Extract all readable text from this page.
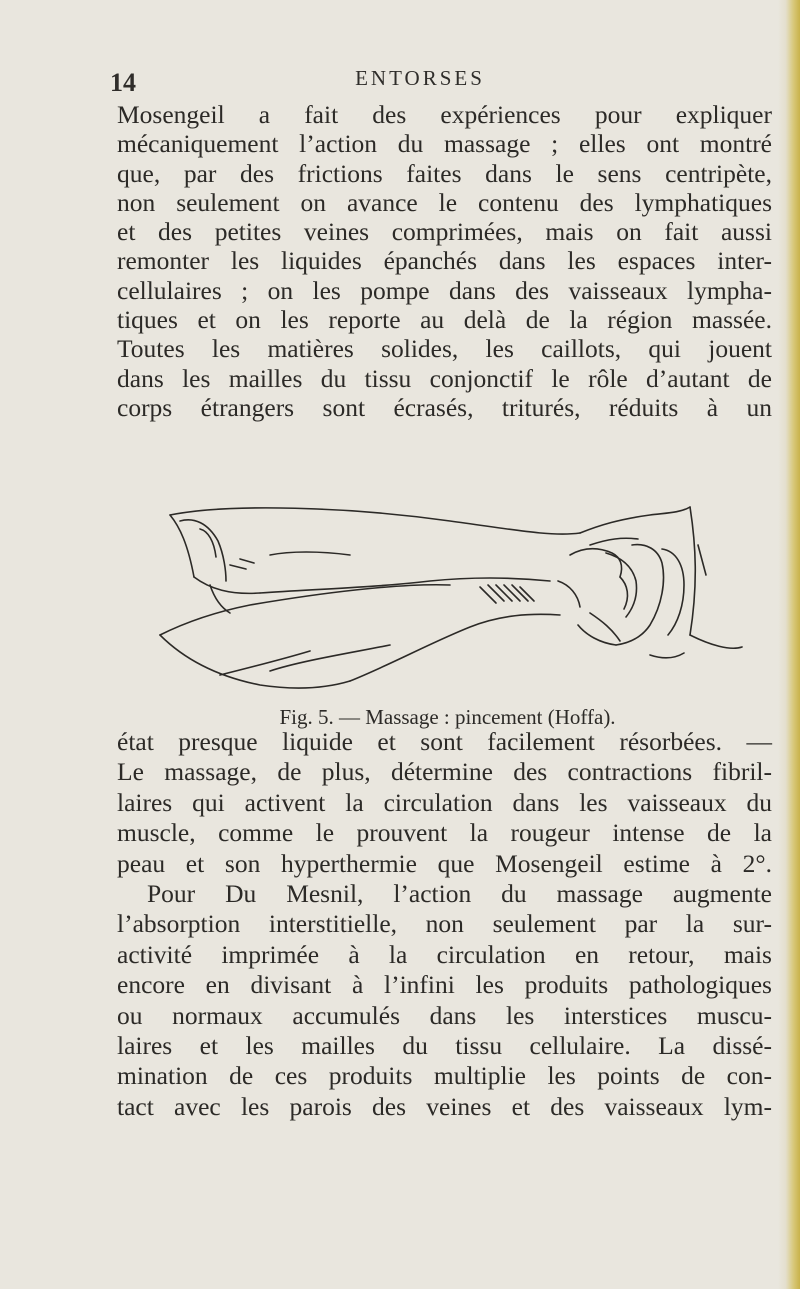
14	ENTORSES
Mosengeil a fait des expériences pour expliquer
mécaniquement l’action du massage ; elles ont montré
que, par des frictions faites dans le sens centripète,
non seulement on avance le contenu des lymphatiques
et des petites veines comprimées, mais on fait aussi
remonter les liquides épanchés dans les espaces inter-
cellulaires ; on les pompe dans des vaisseaux lympha-
tiques et on les reporte au delà de la région massée.
Toutes les matières solides, les caillots, qui jouent
dans les mailles du tissu conjonctif le rôle d’autant de
corps étrangers sont écrasés, triturés, réduits à un
Fig. 5. — Massage : pincement (Hoffa).
état presque liquide et sont facilement résorbées. —
Le massage, de plus, détermine des contractions fibril-
laires qui activent la circulation dans les vaisseaux du
muscle, comme le prouvent la rougeur intense de la
peau et son hyperthermie que Mosengeil estime à 2°.
Pour Du Mesnil, l’action du massage augmente
l’absorption interstitielle, non seulement par la sur-
activité imprimée à la circulation en retour, mais
encore en divisant à l’infini les produits pathologiques
ou normaux accumulés dans les interstices muscu-
laires et les mailles du tissu cellulaire. La dissé-
mination de ces produits multiplie les points de con-
tact avec les parois des veines et des vaisseaux lym-
